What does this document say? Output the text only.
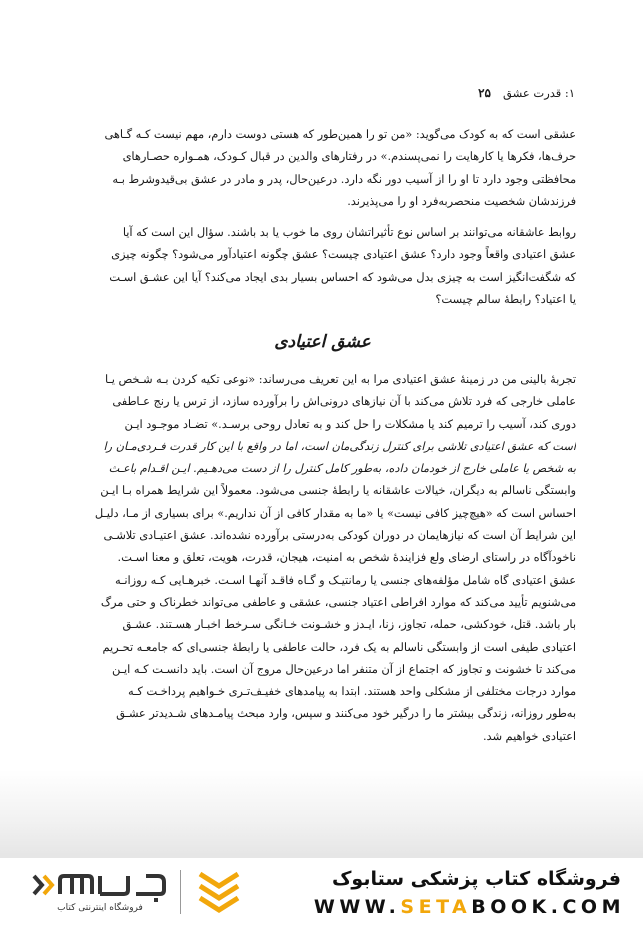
۱: قدرت عشق
۲۵
عشقی است که به کودک می‌گوید: «من تو را همین‌طور که هستی دوست دارم، مهم نیست کـه گـاهی
حرف‌ها، فکرها یا کارهایت را نمی‌پسندم.» در رفتارهای والدین در قبال کـودک، همـواره حصـارهای
محافظتی وجود دارد تا او را از آسیب دور نگه دارد. درعین‌حال، پدر و مادر در عشق بی‌قیدوشرط بـه
فرزندشان شخصیت منحصربه‌فرد او را می‌پذیرند.
روابط عاشقانه می‌توانند بر اساس نوع تأثیراتشان روی ما خوب یا بد باشند. سؤال این است که آیا
عشق اعتیادی واقعاً وجود دارد؟ عشق اعتیادی چیست؟ عشق چگونه اعتیادآور می‌شود؟ چگونه چیزی
که شگفت‌انگیز است به چیزی بدل می‌شود که احساس بسیار بدی ایجاد می‌کند؟ آیا این عشـق اسـت
یا اعتیاد؟ رابطهٔ سالم چیست؟
عشق اعتیادی
تجربهٔ بالینی من در زمینهٔ عشق اعتیادی مرا به این تعریف می‌رساند: «نوعی تکیه کردن بـه شـخص یـا
عاملی خارجی که فرد تلاش می‌کند با آن نیازهای درونی‌اش را برآورده سازد، از ترس یا رنج عـاطفی
دوری کند، آسیب را ترمیم کند یا مشکلات را حل کند و به تعادل روحی برسـد.» تضـاد موجـود ایـن
است که عشق اعتیادی تلاشی برای کنترل زندگی‌مان است، اما در واقع با این کار قدرت فـردی‌مـان را
به شخص یا عاملی خارج از خودمان داده، به‌طور کامل کنترل را از دست می‌دهـیم. ایـن اقـدام باعـث
وابستگی ناسالم به دیگران، خیالات عاشقانه یا رابطهٔ جنسی می‌شود. معمولاً این شرایط همراه بـا ایـن
احساس است که «هیچ‌چیز کافی نیست» یا «ما به مقدار کافی از آن نداریم.» برای بسیاری از مـا، دلیـل
این شرایط آن است که نیازهایمان در دوران کودکی به‌درستی برآورده نشده‌اند. عشق اعتیـادی تلاشـی
ناخودآگاه در راستای ارضای ولع فزایندهٔ شخص به امنیت، هیجان، قدرت، هویت، تعلق و معنا اسـت.
عشق اعتیادی گاه شامل مؤلفه‌های جنسی یا رمانتیـک و گـاه فاقـد آنهـا اسـت. خبرهـایی کـه روزانـه
می‌شنویم تأیید می‌کند که موارد افراطی اعتیاد جنسی، عشقی و عاطفی می‌تواند خطرناک و حتی مرگ
بار باشد. قتل، خودکشی، حمله، تجاوز، زنا، ایـدز و خشـونت خـانگی سـرخط اخبـار هسـتند. عشـق
اعتیادی طیفی است از وابستگی ناسالم به یک فرد، حالت عاطفی یا رابطهٔ جنسی‌ای که جامعـه تحـریم
می‌کند تا خشونت و تجاوز که اجتماع از آن متنفر اما درعین‌حال مروج آن است. باید دانسـت کـه ایـن
موارد درجات مختلفی از مشکلی واحد هستند. ابتدا به پیامدهای خفیـف‌تـری خـواهیم پرداخـت کـه
به‌طور روزانه، زندگی بیشتر ما را درگیر خود می‌کنند و سپس، وارد مبحث پیامـدهای شـدیدتر عشـق
اعتیادی خواهیم شد.
فروشگاه اینترنتی کتاب
فروشگاه کتاب پزشکی ستابوک
WWW.SETABOOK.COM
